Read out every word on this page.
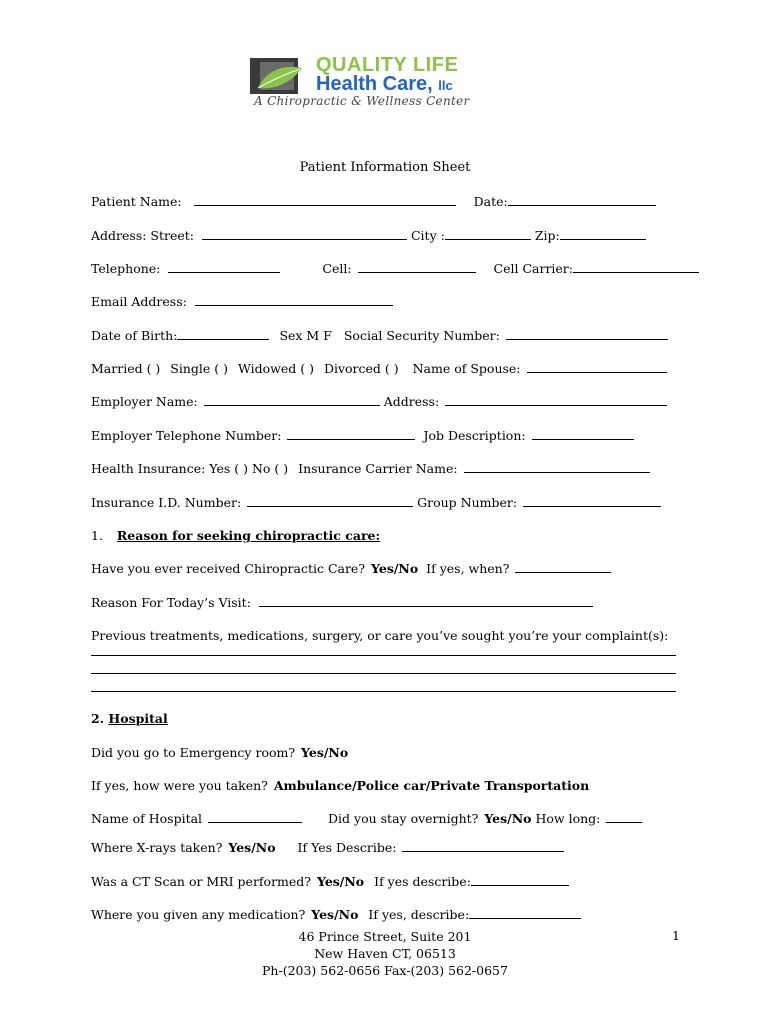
QUALITY LIFE
Health Care, llc
A Chiropractic & Wellness Center
Patient Information Sheet
Patient Name:	Date:
Address: Street:	City :	Zip:
Telephone:	Cell:	Cell Carrier:
Email Address:
Date of Birth:	Sex M F Social Security Number:
Married ( ) Single ( ) Widowed ( ) Divorced ( ) Name of Spouse:
Employer Name:	Address:
Employer Telephone Number:	Job Description:
Health Insurance: Yes ( ) No ( ) Insurance Carrier Name:
Insurance I.D. Number:	Group Number:
1. Reason for seeking chiropractic care:
Have you ever received Chiropractic Care? Yes/No If yes, when?
Reason For Today’s Visit:
Previous treatments, medications, surgery, or care you’ve sought you’re your complaint(s):
2. Hospital
Did you go to Emergency room? Yes/No
If yes, how were you taken? Ambulance/Police car/Private Transportation
Name of Hospital	Did you stay overnight? Yes/No How long:
Where X-rays taken? Yes/No If Yes Describe:
Was a CT Scan or MRI performed? Yes/No If yes describe:
Where you given any medication? Yes/No If yes, describe:
46 Prince Street, Suite 201
New Haven CT, 06513
Ph-(203) 562-0656 Fax-(203) 562-0657
1
